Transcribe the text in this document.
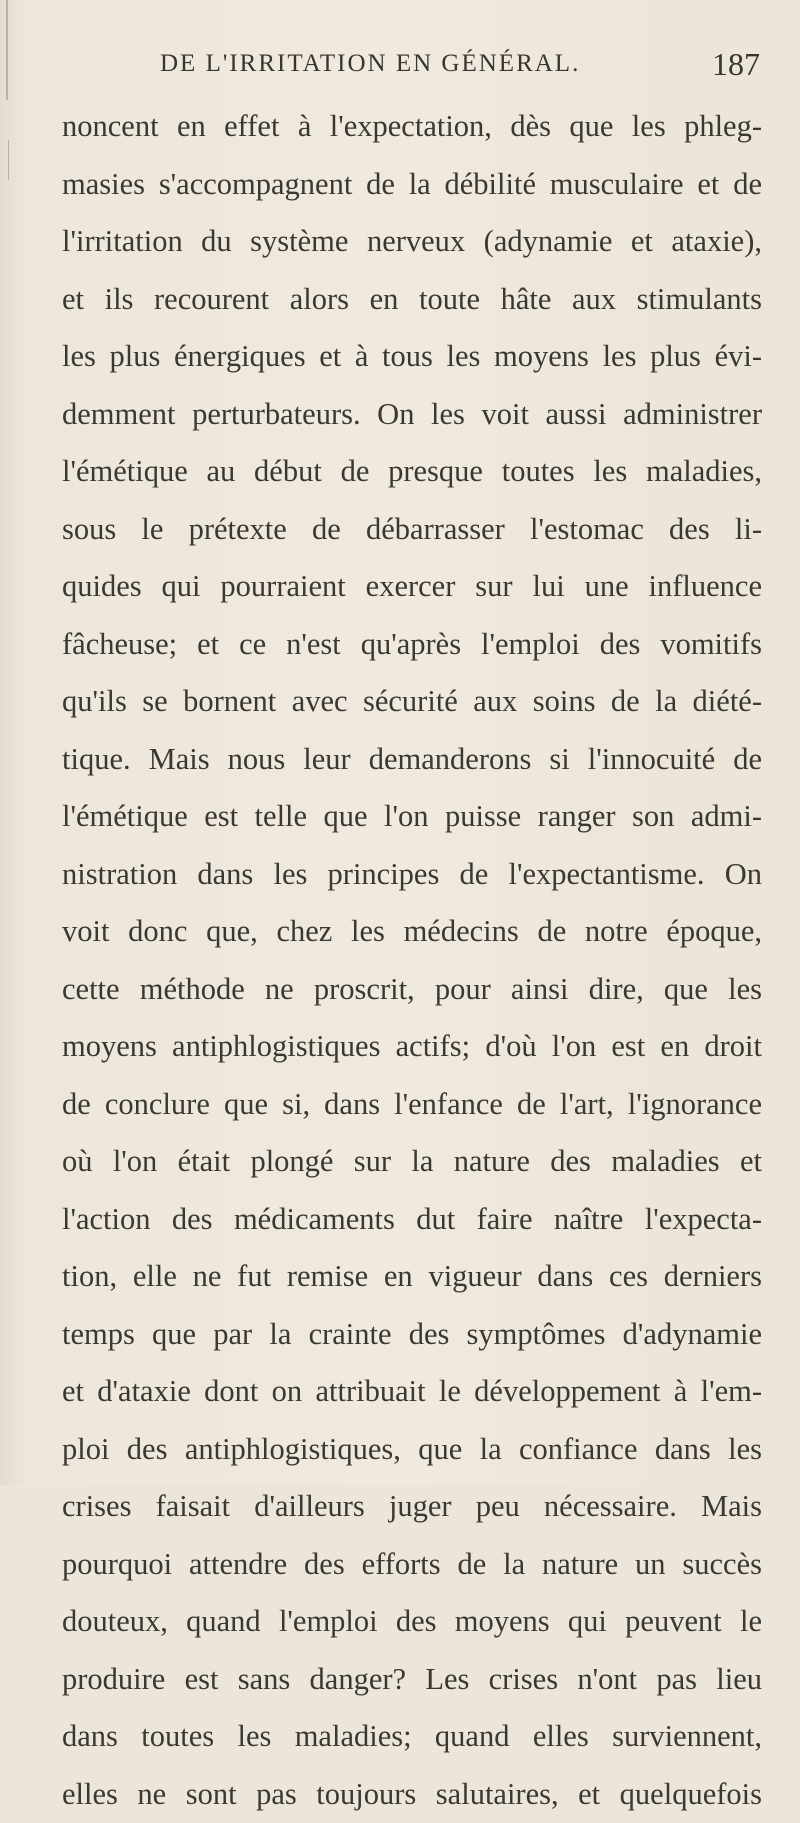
DE L'IRRITATION EN GÉNÉRAL.	187
noncent en effet à l'expectation, dès que les phleg-
masies s'accompagnent de la débilité musculaire et de
l'irritation du système nerveux (adynamie et ataxie),
et ils recourent alors en toute hâte aux stimulants
les plus énergiques et à tous les moyens les plus évi-
demment perturbateurs. On les voit aussi administrer
l'émétique au début de presque toutes les maladies,
sous le prétexte de débarrasser l'estomac des li-
quides qui pourraient exercer sur lui une influence
fâcheuse; et ce n'est qu'après l'emploi des vomitifs
qu'ils se bornent avec sécurité aux soins de la diété-
tique. Mais nous leur demanderons si l'innocuité de
l'émétique est telle que l'on puisse ranger son admi-
nistration dans les principes de l'expectantisme. On
voit donc que, chez les médecins de notre époque,
cette méthode ne proscrit, pour ainsi dire, que les
moyens antiphlogistiques actifs; d'où l'on est en droit
de conclure que si, dans l'enfance de l'art, l'ignorance
où l'on était plongé sur la nature des maladies et
l'action des médicaments dut faire naître l'expecta-
tion, elle ne fut remise en vigueur dans ces derniers
temps que par la crainte des symptômes d'adynamie
et d'ataxie dont on attribuait le développement à l'em-
ploi des antiphlogistiques, que la confiance dans les
crises faisait d'ailleurs juger peu nécessaire. Mais
pourquoi attendre des efforts de la nature un succès
douteux, quand l'emploi des moyens qui peuvent le
produire est sans danger? Les crises n'ont pas lieu
dans toutes les maladies; quand elles surviennent,
elles ne sont pas toujours salutaires, et quelquefois
